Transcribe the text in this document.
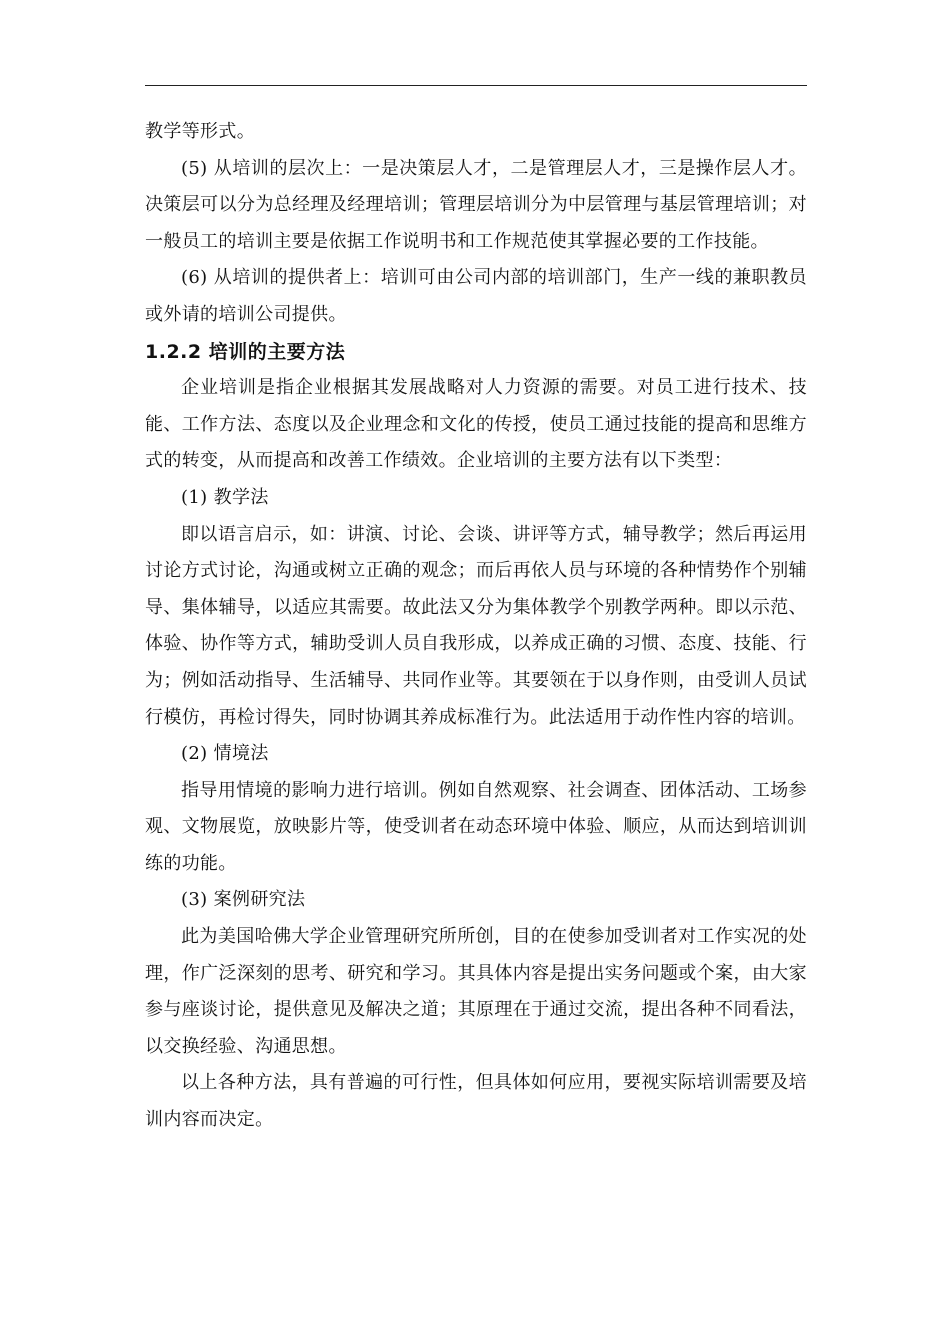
教学等形式。

(5) 从培训的层次上：一是决策层人才，二是管理层人才，三是操作层人才。决策层可以分为总经理及经理培训；管理层培训分为中层管理与基层管理培训；对一般员工的培训主要是依据工作说明书和工作规范使其掌握必要的工作技能。

(6) 从培训的提供者上：培训可由公司内部的培训部门，生产一线的兼职教员或外请的培训公司提供。

1.2.2 培训的主要方法

企业培训是指企业根据其发展战略对人力资源的需要。对员工进行技术、技能、工作方法、态度以及企业理念和文化的传授，使员工通过技能的提高和思维方式的转变，从而提高和改善工作绩效。企业培训的主要方法有以下类型：

(1) 教学法

即以语言启示，如：讲演、讨论、会谈、讲评等方式，辅导教学；然后再运用讨论方式讨论，沟通或树立正确的观念；而后再依人员与环境的各种情势作个别辅导、集体辅导，以适应其需要。故此法又分为集体教学个别教学两种。即以示范、体验、协作等方式，辅助受训人员自我形成，以养成正确的习惯、态度、技能、行为；例如活动指导、生活辅导、共同作业等。其要领在于以身作则，由受训人员试行模仿，再检讨得失，同时协调其养成标准行为。此法适用于动作性内容的培训。

(2) 情境法

指导用情境的影响力进行培训。例如自然观察、社会调查、团体活动、工场参观、文物展览，放映影片等，使受训者在动态环境中体验、顺应，从而达到培训训练的功能。

(3) 案例研究法

此为美国哈佛大学企业管理研究所所创，目的在使参加受训者对工作实况的处理，作广泛深刻的思考、研究和学习。其具体内容是提出实务问题或个案，由大家参与座谈讨论，提供意见及解决之道；其原理在于通过交流，提出各种不同看法，以交换经验、沟通思想。

以上各种方法，具有普遍的可行性，但具体如何应用，要视实际培训需要及培训内容而决定。
